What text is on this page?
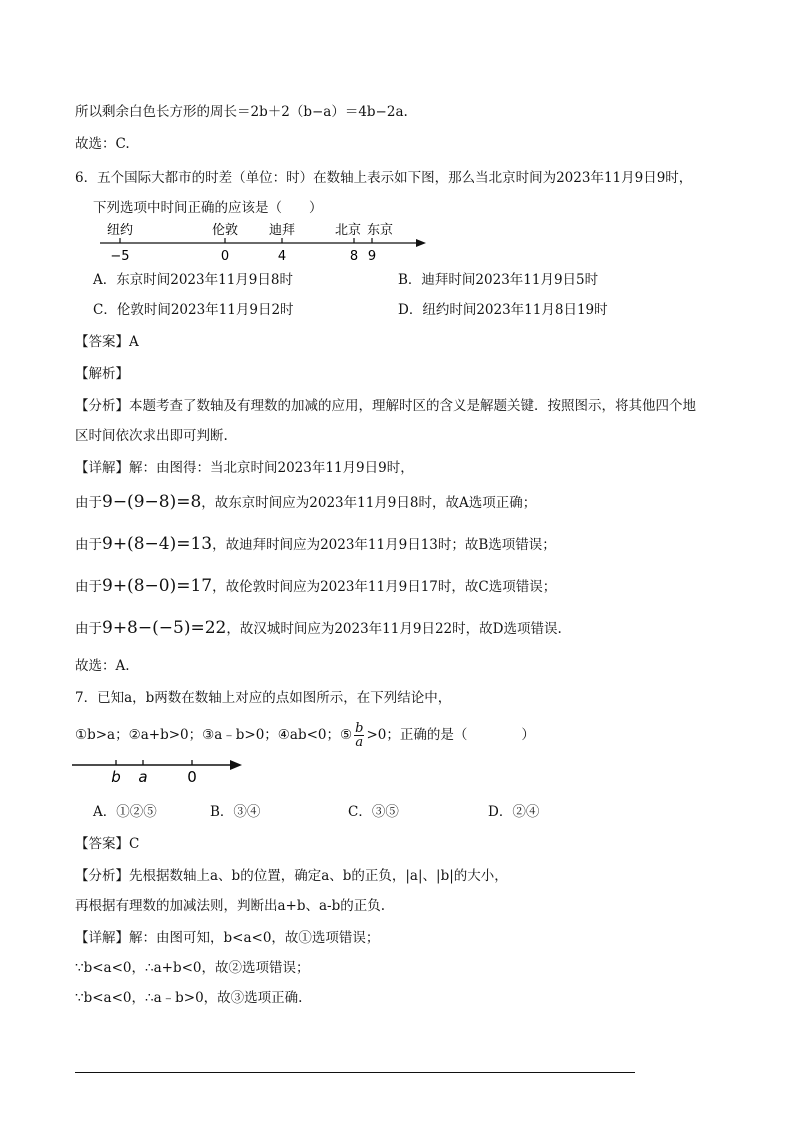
所以剩余白色长方形的周长＝2b＋2（b−a）＝4b−2a.
故选：C.
6．五个国际大都市的时差（单位：时）在数轴上表示如下图，那么当北京时间为2023年11月9日9时，
下列选项中时间正确的应该是（　　）
纽约	伦敦 迪拜	北京 东京
−5	0	4	8 9
A．东京时间2023年11月9日8时	B．迪拜时间2023年11月9日5时
C．伦敦时间2023年11月9日2时	D．纽约时间2023年11月8日19时
【答案】A
【解析】
【分析】本题考查了数轴及有理数的加减的应用，理解时区的含义是解题关键．按照图示，将其他四个地
区时间依次求出即可判断.
【详解】解：由图得：当北京时间2023年11月9日9时，
由于9−(9−8)=8，故东京时间应为2023年11月9日8时，故A选项正确；
由于9+(8−4)=13，故迪拜时间应为2023年11月9日13时；故B选项错误；
由于9+(8−0)=17，故伦敦时间应为2023年11月9日17时，故C选项错误；
由于9+8−(−5)=22，故汉城时间应为2023年11月9日22时，故D选项错误.
故选：A.
7．已知a，b两数在数轴上对应的点如图所示，在下列结论中，
①b>a；②a+b>0；③a﹣b>0；④ab<0；⑤ $\frac{b}{a} >0$；正确的是（　　　　）
b a	0
A．①②⑤	B．③④	C．③⑤	D．②④
【答案】C
【分析】先根据数轴上a、b的位置，确定a、b的正负，|a|、|b|的大小，
再根据有理数的加减法则，判断出a+b、a-b的正负.
【详解】解：由图可知，b<a<0，故①选项错误；
∵b<a<0，∴a+b<0，故②选项错误；
∵b<a<0，∴a﹣b>0，故③选项正确.
